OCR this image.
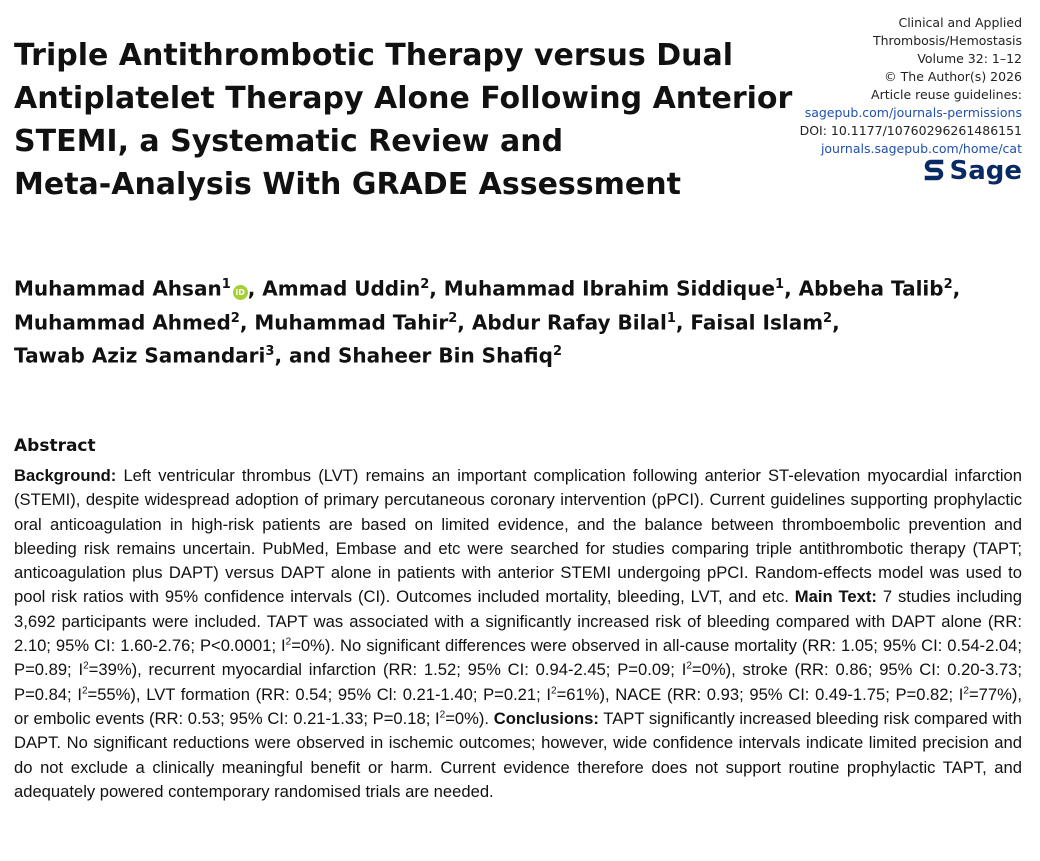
Clinical and Applied
Thrombosis/Hemostasis
Volume 32: 1–12
© The Author(s) 2026
Article reuse guidelines:
sagepub.com/journals-permissions
DOI: 10.1177/10760296261486151
journals.sagepub.com/home/cat
Sage
Triple Antithrombotic Therapy versus Dual
Antiplatelet Therapy Alone Following Anterior
STEMI, a Systematic Review and
Meta-Analysis With GRADE Assessment
Muhammad Ahsan$^1$iD , Ammad Uddin$^2$, Muhammad Ibrahim Siddique$^1$, Abbeha Talib$^2$,
Muhammad Ahmed$^2$, Muhammad Tahir$^2$, Abdur Rafay Bilal$^1$, Faisal Islam$^2$,
Tawab Aziz Samandari$^3$, and Shaheer Bin Shafiq$^2$
Abstract

Background: Left ventricular thrombus (LVT) remains an important complication following anterior ST-elevation myocardial infarction (STEMI), despite widespread adoption of primary percutaneous coronary intervention (pPCI). Current guidelines supporting prophylactic oral anticoagulation in high-risk patients are based on limited evidence, and the balance between thromboembolic prevention and bleeding risk remains uncertain. PubMed, Embase and etc were searched for studies comparing triple antithrombotic therapy (TAPT; anticoagulation plus DAPT) versus DAPT alone in patients with anterior STEMI undergoing pPCI. Random-effects model was used to pool risk ratios with 95% confidence intervals (CI). Outcomes included mortality, bleeding, LVT, and etc. Main Text: 7 studies including 3,692 participants were included. TAPT was associated with a significantly increased risk of bleeding compared with DAPT alone (RR: 2.10; 95% CI: 1.60-2.76; P<0.0001; $I^2=0\%$). No significant differences were observed in all-cause mortality (RR: 1.05; 95% CI: 0.54-2.04; P=0.89; $I^2=39\%$), recurrent myocardial infarction (RR: 1.52; 95% CI: 0.94-2.45; P=0.09; $I^2=0\%$), stroke (RR: 0.86; 95% CI: 0.20-3.73; P=0.84; $I^2=55\%$), LVT formation (RR: 0.54; 95% Cl: 0.21-1.40; P=0.21; $I^2=61\%$), NACE (RR: 0.93; 95% CI: 0.49-1.75; P=0.82; $I^2=77\%$), or embolic events (RR: 0.53; 95% CI: 0.21-1.33; P=0.18; $I^2=0\%$). Conclusions: TAPT significantly increased bleeding risk compared with DAPT. No significant reductions were observed in ischemic outcomes; however, wide confidence intervals indicate limited precision and do not exclude a clinically meaningful benefit or harm. Current evidence therefore does not support routine prophylactic TAPT, and adequately powered contemporary randomised trials are needed.
